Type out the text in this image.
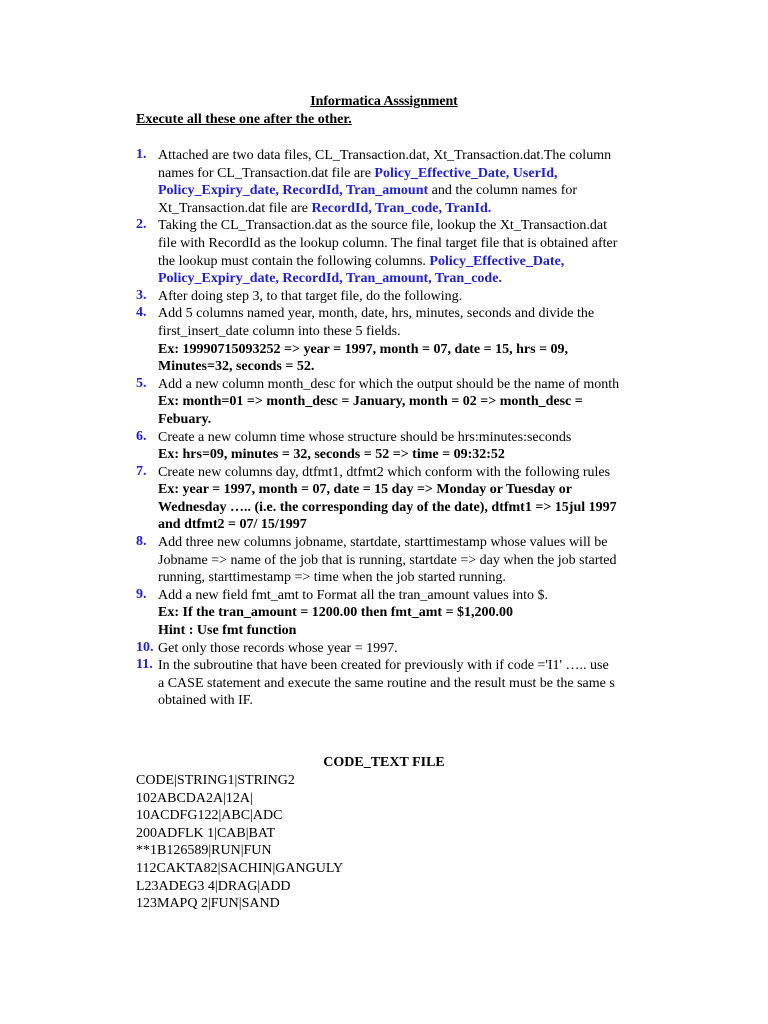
Informatica Asssignment
Execute all these one after the other.
1. Attached are two data files, CL_Transaction.dat, Xt_Transaction.dat.The column
names for CL_Transaction.dat file are Policy_Effective_Date, UserId,
Policy_Expiry_date, RecordId, Tran_amount and the column names for
Xt_Transaction.dat file are RecordId, Tran_code, TranId.
2. Taking the CL_Transaction.dat as the source file, lookup the Xt_Transaction.dat
file with RecordId as the lookup column. The final target file that is obtained after
the lookup must contain the following columns. Policy_Effective_Date,
Policy_Expiry_date, RecordId, Tran_amount, Tran_code.
3. After doing step 3, to that target file, do the following.
4. Add 5 columns named year, month, date, hrs, minutes, seconds and divide the
first_insert_date column into these 5 fields.
Ex: 19990715093252 => year = 1997, month = 07, date = 15, hrs = 09,
Minutes=32, seconds = 52.
5. Add a new column month_desc for which the output should be the name of month
Ex: month=01 => month_desc = January, month = 02 => month_desc =
Febuary.
6. Create a new column time whose structure should be hrs:minutes:seconds
Ex: hrs=09, minutes = 32, seconds = 52 => time = 09:32:52
7. Create new columns day, dtfmt1, dtfmt2 which conform with the following rules
Ex: year = 1997, month = 07, date = 15 day => Monday or Tuesday or
Wednesday ….. (i.e. the corresponding day of the date), dtfmt1 => 15jul 1997
and dtfmt2 = 07/ 15/1997
8. Add three new columns jobname, startdate, starttimestamp whose values will be
Jobname => name of the job that is running, startdate => day when the job started
running, starttimestamp => time when the job started running.
9. Add a new field fmt_amt to Format all the tran_amount values into $.
Ex: If the tran_amount = 1200.00 then fmt_amt = $1,200.00
Hint : Use fmt function
10. Get only those records whose year = 1997.
11. In the subroutine that have been created for previously with if code ='I1' ….. use
a CASE statement and execute the same routine and the result must be the same s
obtained with IF.
CODE_TEXT FILE
CODE|STRING1|STRING2
102ABCDA2A|12A|
10ACDFG122|ABC|ADC
200ADFLK 1|CAB|BAT
**1B126589|RUN|FUN
112CAKTA82|SACHIN|GANGULY
L23ADEG3 4|DRAG|ADD
123MAPQ 2|FUN|SAND
